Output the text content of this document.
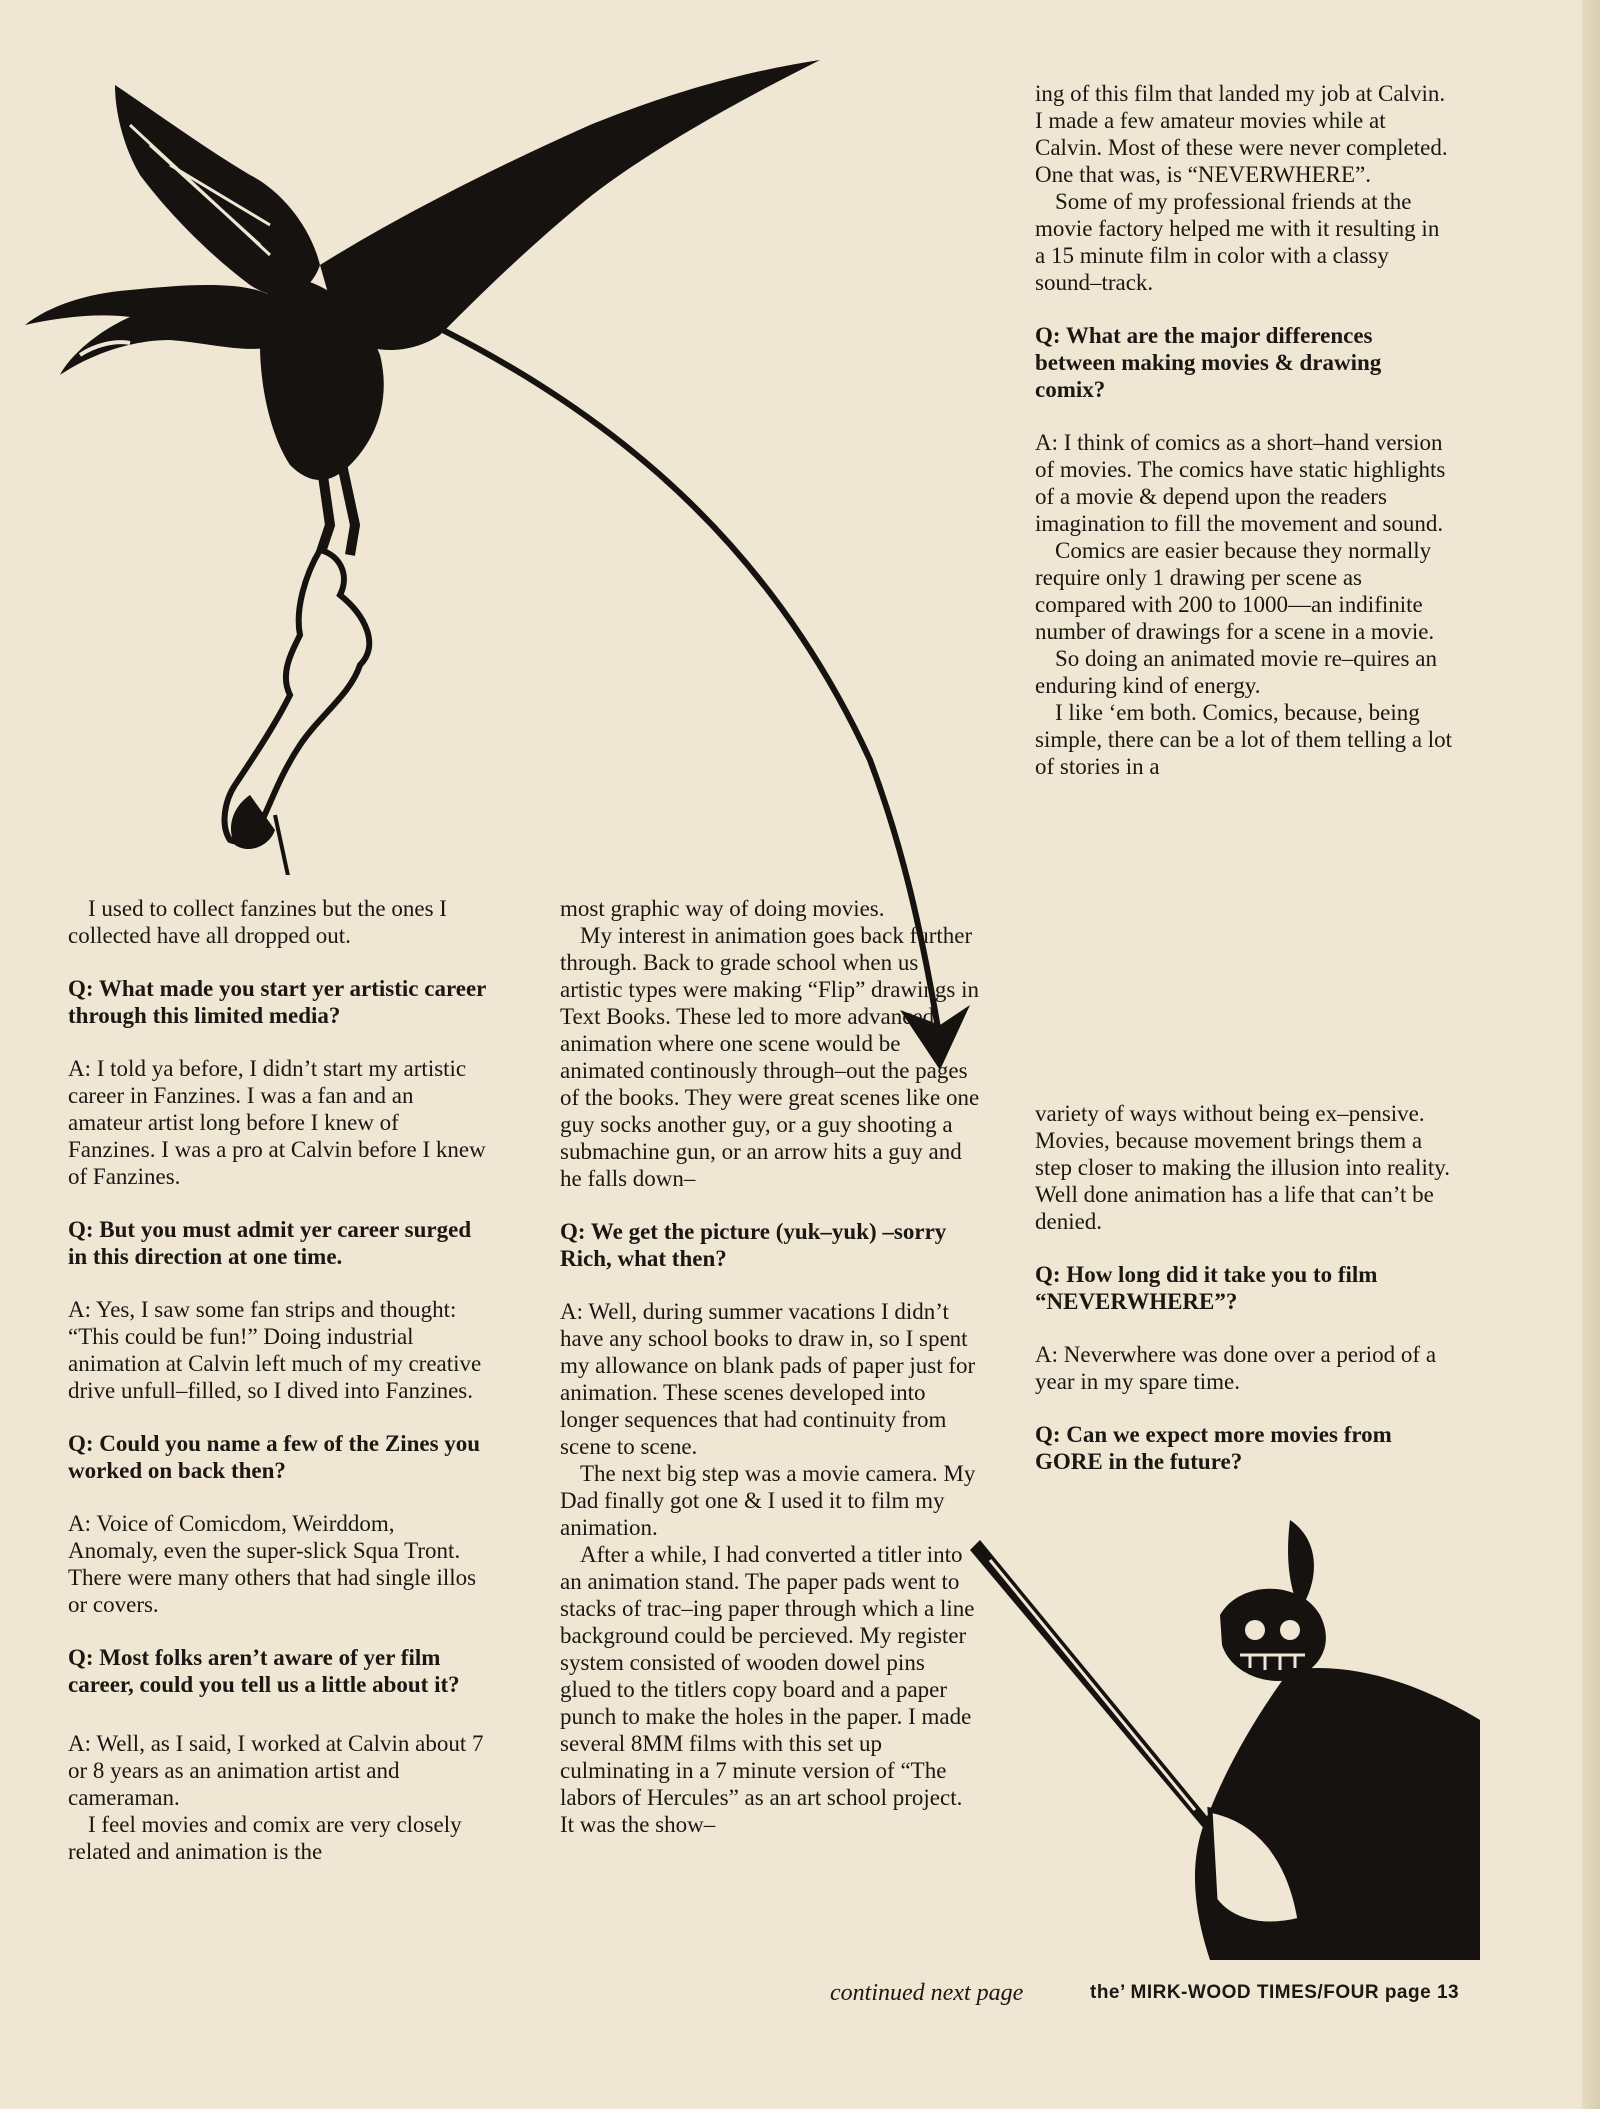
ing of this film that landed my job at Calvin. I made a few amateur movies while at Calvin. Most of these were never completed. One that was, is “NEVERWHERE”.

Some of my professional friends at the movie factory helped me with it resulting in a 15 minute film in color with a classy sound–track.

Q: What are the major differences between making movies & drawing comix?

A: I think of comics as a short–hand version of movies. The comics have static highlights of a movie & depend upon the readers imagination to fill the movement and sound.

Comics are easier because they normally require only 1 drawing per scene as compared with 200 to 1000––an indifinite number of drawings for a scene in a movie.

So doing an animated movie re–quires an enduring kind of energy.

I like ‘em both. Comics, because, being simple, there can be a lot of them telling a lot of stories in a

I used to collect fanzines but the ones I collected have all dropped out.

Q: What made you start yer artistic career through this limited media?

A: I told ya before, I didn’t start my artistic career in Fanzines. I was a fan and an amateur artist long before I knew of Fanzines. I was a pro at Calvin before I knew of Fanzines.

Q: But you must admit yer career surged in this direction at one time.

A: Yes, I saw some fan strips and thought: “This could be fun!” Doing industrial animation at Calvin left much of my creative drive unfull–filled, so I dived into Fanzines.

Q: Could you name a few of the Zines you worked on back then?

A: Voice of Comicdom, Weirddom, Anomaly, even the super-slick Squa Tront. There were many others that had single illos or covers.

Q: Most folks aren’t aware of yer film career, could you tell us a little about it?

A: Well, as I said, I worked at Calvin about 7 or 8 years as an animation artist and cameraman.

I feel movies and comix are very closely related and animation is the

most graphic way of doing movies.

My interest in animation goes back further through. Back to grade school when us artistic types were making “Flip” drawings in Text Books. These led to more advanced animation where one scene would be animated continously through–out the pages of the books. They were great scenes like one guy socks another guy, or a guy shooting a submachine gun, or an arrow hits a guy and he falls down–

Q: We get the picture (yuk–yuk) –sorry Rich, what then?

A: Well, during summer vacations I didn’t have any school books to draw in, so I spent my allowance on blank pads of paper just for animation. These scenes developed into longer sequences that had continuity from scene to scene.

The next big step was a movie camera. My Dad finally got one & I used it to film my animation.

After a while, I had converted a titler into an animation stand. The paper pads went to stacks of trac–ing paper through which a line background could be percieved. My register system consisted of wooden dowel pins glued to the titlers copy board and a paper punch to make the holes in the paper. I made several 8MM films with this set up culminating in a 7 minute version of “The labors of Hercules” as an art school project. It was the show–

variety of ways without being ex–pensive. Movies, because movement brings them a step closer to making the illusion into reality. Well done animation has a life that can’t be denied.

Q: How long did it take you to film “NEVERWHERE”?

A: Neverwhere was done over a period of a year in my spare time.

Q: Can we expect more movies from GORE in the future?

continued next page	the’ MIRK-WOOD TIMES/FOUR page 13
